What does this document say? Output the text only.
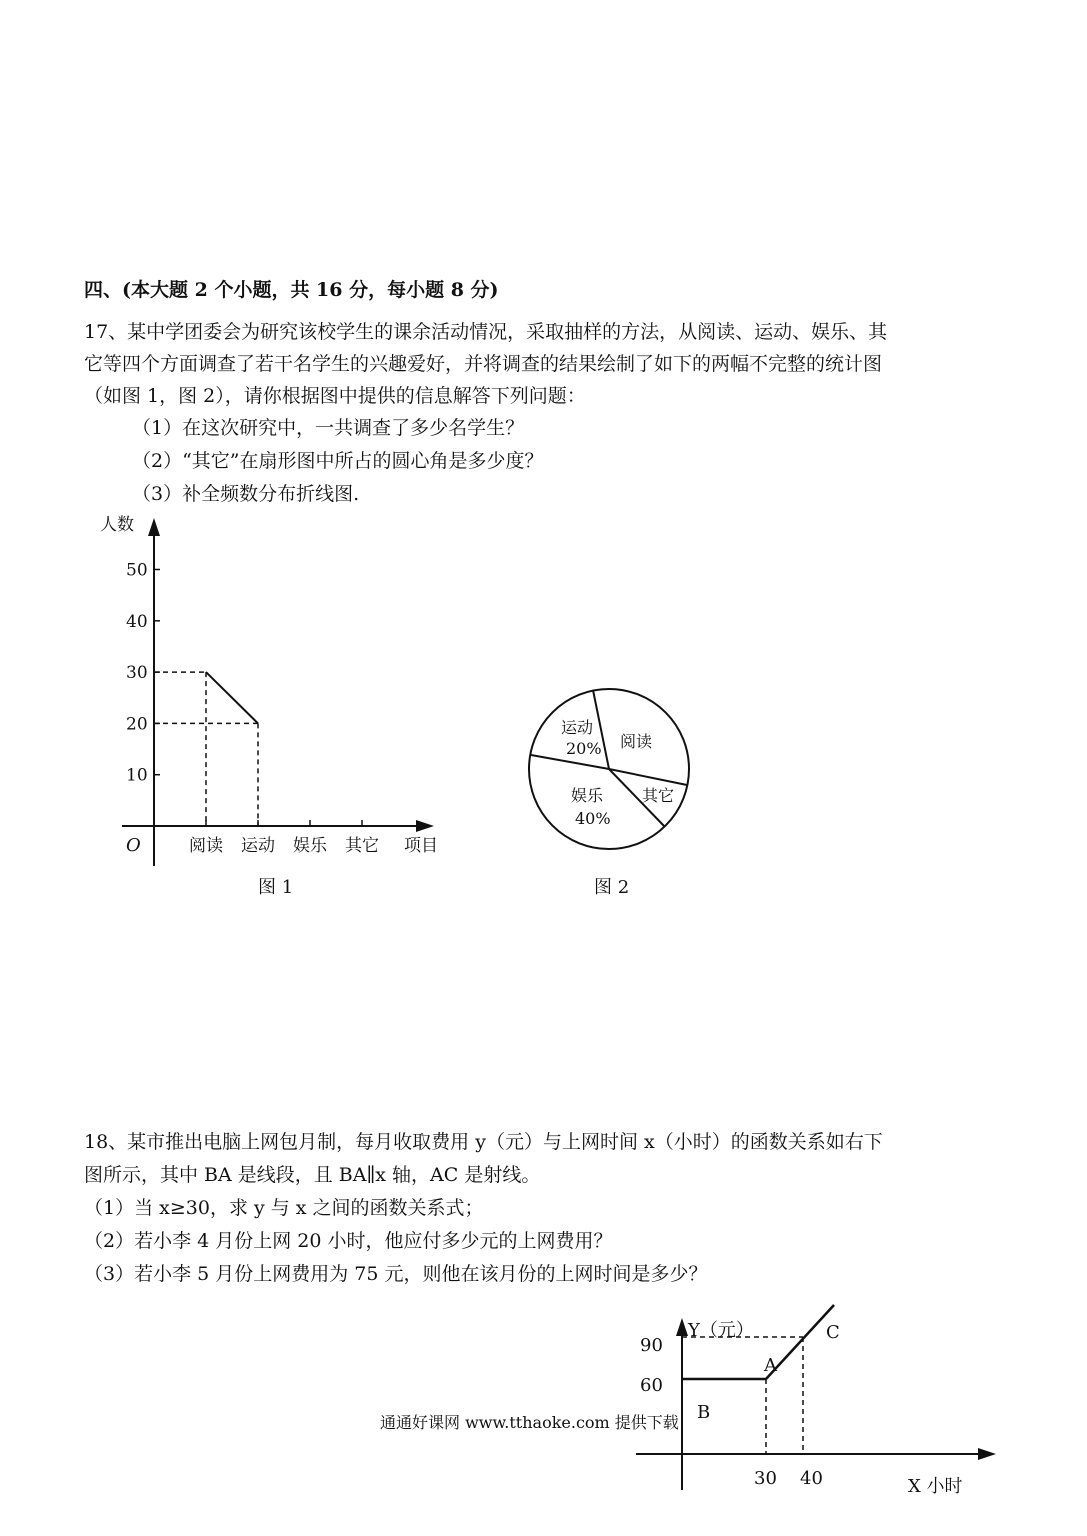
四、(本大题 2 个小题，共 16 分，每小题 8 分)
17、某中学团委会为研究该校学生的课余活动情况，采取抽样的方法，从阅读、运动、娱乐、其
它等四个方面调查了若干名学生的兴趣爱好，并将调查的结果绘制了如下的两幅不完整的统计图
（如图 1，图 2），请你根据图中提供的信息解答下列问题：
（1）在这次研究中，一共调查了多少名学生？
（2）“其它”在扇形图中所占的圆心角是多少度？
（3）补全频数分布折线图.
人数
项目
O
10
20
30
40
50
阅读 运动 娱乐 其它
图 1
阅读
其它
娱乐
40%
运动
20%
图 2
18、某市推出电脑上网包月制，每月收取费用 y（元）与上网时间 x（小时）的函数关系如右下
图所示，其中 BA 是线段，且 BA∥x 轴，AC 是射线。
（1）当 x≥30，求 y 与 x 之间的函数关系式；
（2）若小李 4 月份上网 20 小时，他应付多少元的上网费用？
（3）若小李 5 月份上网费用为 75 元，则他在该月份的上网时间是多少？
Y（元）
X 小时
90
60
30 40
A
B
C
通通好课网 www.tthaoke.com 提供下载
